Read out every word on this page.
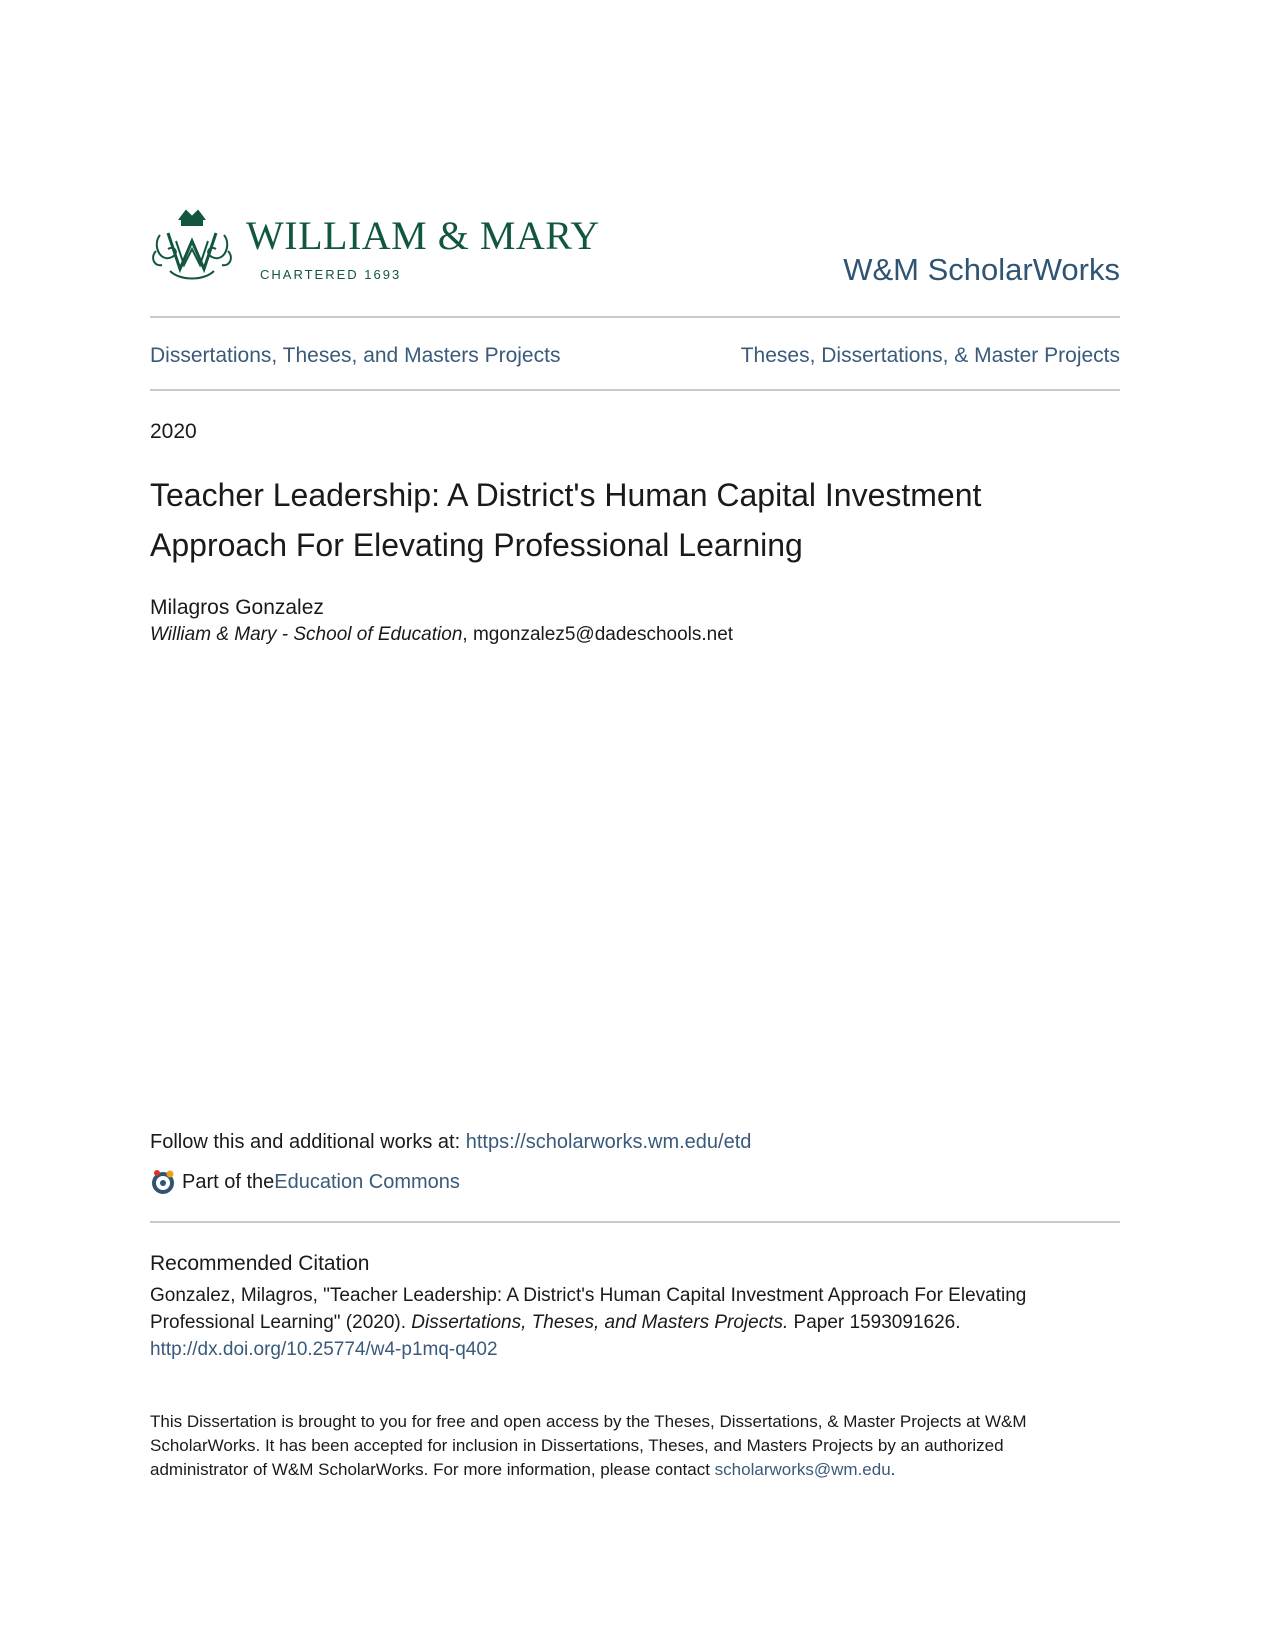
WILLIAM & MARY
CHARTERED 1693	W&M ScholarWorks
Dissertations, Theses, and Masters Projects	Theses, Dissertations, & Master Projects
2020
Teacher Leadership: A District's Human Capital Investment Approach For Elevating Professional Learning
Milagros Gonzalez
William & Mary - School of Education, mgonzalez5@dadeschools.net
Follow this and additional works at: https://scholarworks.wm.edu/etd
Part of the Education Commons
Recommended Citation
Gonzalez, Milagros, "Teacher Leadership: A District's Human Capital Investment Approach For Elevating Professional Learning" (2020). Dissertations, Theses, and Masters Projects. Paper 1593091626.
http://dx.doi.org/10.25774/w4-p1mq-q402
This Dissertation is brought to you for free and open access by the Theses, Dissertations, & Master Projects at W&M ScholarWorks. It has been accepted for inclusion in Dissertations, Theses, and Masters Projects by an authorized administrator of W&M ScholarWorks. For more information, please contact scholarworks@wm.edu.
